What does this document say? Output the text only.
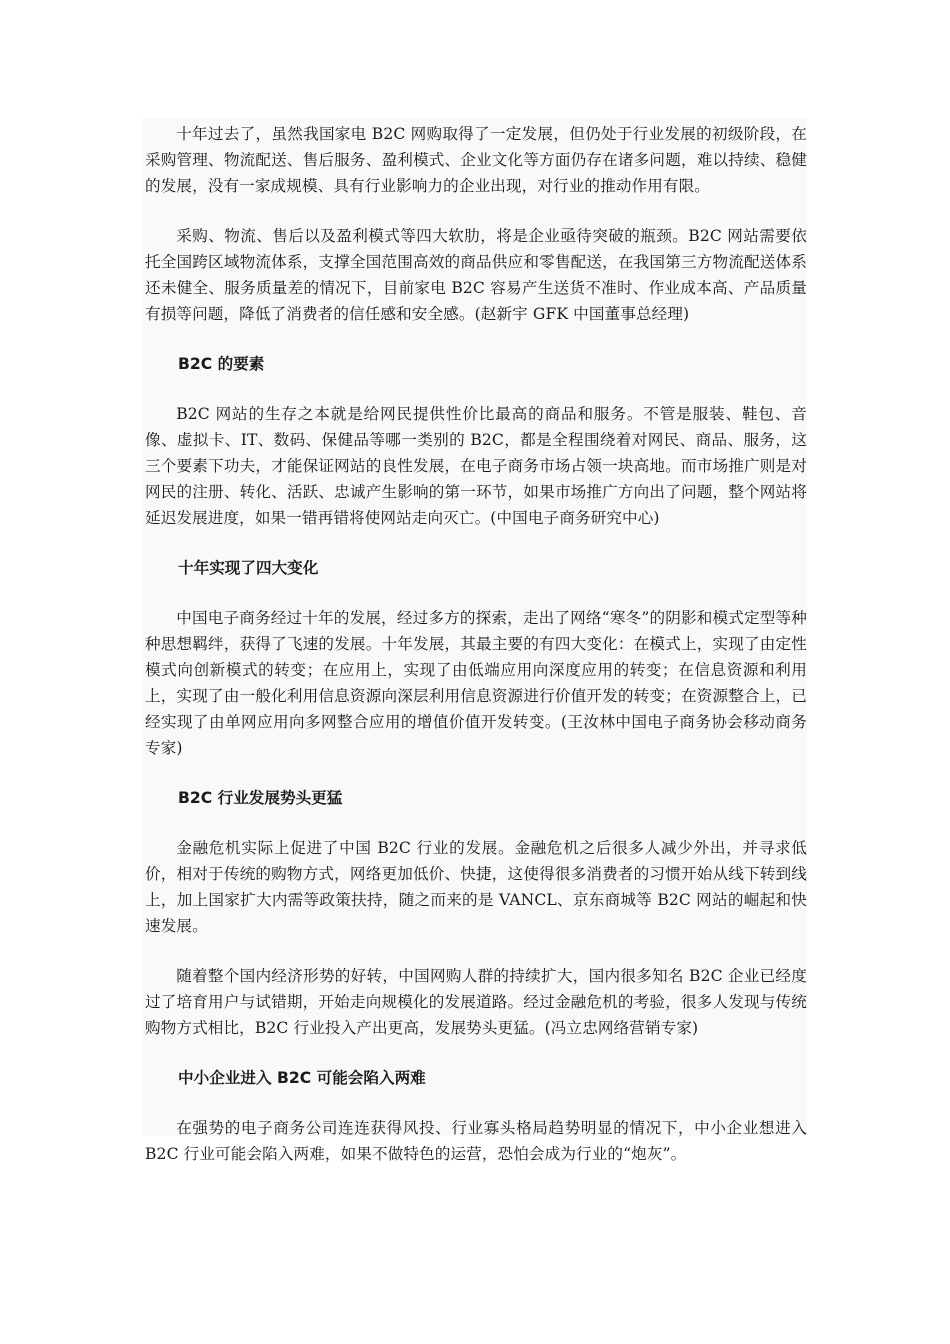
十年过去了，虽然我国家电 B2C 网购取得了一定发展，但仍处于行业发展的初级阶段，在采购管理、物流配送、售后服务、盈利模式、企业文化等方面仍存在诸多问题，难以持续、稳健的发展，没有一家成规模、具有行业影响力的企业出现，对行业的推动作用有限。

采购、物流、售后以及盈利模式等四大软肋，将是企业亟待突破的瓶颈。B2C 网站需要依托全国跨区域物流体系，支撑全国范围高效的商品供应和零售配送，在我国第三方物流配送体系还未健全、服务质量差的情况下，目前家电 B2C 容易产生送货不准时、作业成本高、产品质量有损等问题，降低了消费者的信任感和安全感。(赵新宇 GFK 中国董事总经理)

B2C 的要素

B2C 网站的生存之本就是给网民提供性价比最高的商品和服务。不管是服装、鞋包、音像、虚拟卡、IT、数码、保健品等哪一类别的 B2C，都是全程围绕着对网民、商品、服务，这三个要素下功夫，才能保证网站的良性发展，在电子商务市场占领一块高地。而市场推广则是对网民的注册、转化、活跃、忠诚产生影响的第一环节，如果市场推广方向出了问题，整个网站将延迟发展进度，如果一错再错将使网站走向灭亡。(中国电子商务研究中心)

十年实现了四大变化

中国电子商务经过十年的发展，经过多方的探索，走出了网络“寒冬”的阴影和模式定型等种种思想羁绊，获得了飞速的发展。十年发展，其最主要的有四大变化：在模式上，实现了由定性模式向创新模式的转变；在应用上，实现了由低端应用向深度应用的转变；在信息资源和利用上，实现了由一般化利用信息资源向深层利用信息资源进行价值开发的转变；在资源整合上，已经实现了由单网应用向多网整合应用的增值价值开发转变。(王汝林中国电子商务协会移动商务专家)

B2C 行业发展势头更猛

金融危机实际上促进了中国 B2C 行业的发展。金融危机之后很多人减少外出，并寻求低价，相对于传统的购物方式，网络更加低价、快捷，这使得很多消费者的习惯开始从线下转到线上，加上国家扩大内需等政策扶持，随之而来的是 VANCL、京东商城等 B2C 网站的崛起和快速发展。

随着整个国内经济形势的好转，中国网购人群的持续扩大，国内很多知名 B2C 企业已经度过了培育用户与试错期，开始走向规模化的发展道路。经过金融危机的考验，很多人发现与传统购物方式相比，B2C 行业投入产出更高，发展势头更猛。(冯立忠网络营销专家)

中小企业进入 B2C 可能会陷入两难

在强势的电子商务公司连连获得风投、行业寡头格局趋势明显的情况下，中小企业想进入 B2C 行业可能会陷入两难，如果不做特色的运营，恐怕会成为行业的“炮灰”。
